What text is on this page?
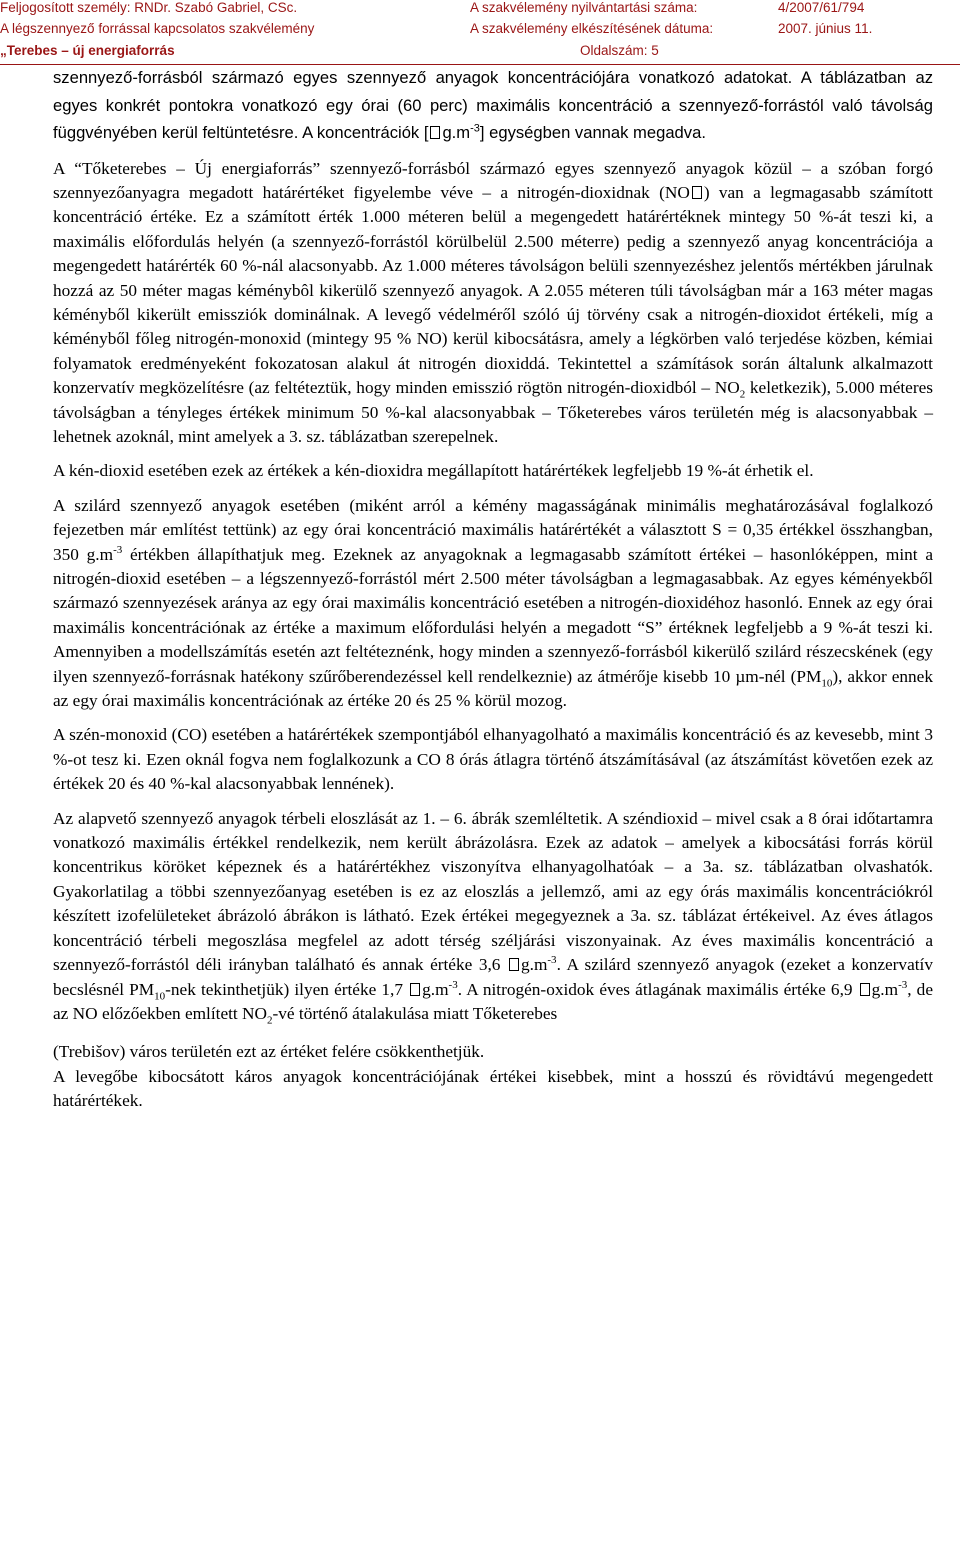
Feljogosított személy: RNDr. Szabó Gabriel, CSc.	A szakvélemény nyilvántartási száma:	4/2007/61/794
A légszennyező forrással kapcsolatos szakvélemény	A szakvélemény elkészítésének dátuma:	2007. június 11.
„Terebes – új energiaforrás	Oldalszám: 5

szennyező-forrásból származó egyes szennyező anyagok koncentrációjára vonatkozó adatokat. A táblázatban az egyes konkrét pontokra vonatkozó egy órai (60 perc) maximális koncentráció a szennyező-forrástól való távolság függvényében kerül feltüntetésre. A koncentrációk [ $g.m^{-3}$] egységben vannak megadva.

A “Tőketerebes – Új energiaforrás” szennyező-forrásból származó egyes szennyező anyagok közül – a szóban forgó szennyezőanyagra megadott határértéket figyelembe véve – a nitrogén-dioxidnak (NO ) van a legmagasabb számított koncentráció értéke. Ez a számított érték 1.000 méteren belül a megengedett határértéknek mintegy 50 %-át teszi ki, a maximális előfordulás helyén (a szennyező-forrástól körülbelül 2.500 méterre) pedig a szennyező anyag koncentrációja a megengedett határérték 60 %-nál alacsonyabb. Az 1.000 méteres távolságon belüli szennyezéshez jelentős mértékben járulnak hozzá az 50 méter magas kéménybôl kikerülő szennyező anyagok. A 2.055 méteren túli távolságban már a 163 méter magas kéményből kikerült emissziók dominálnak. A levegő védelméről szóló új törvény csak a nitrogén-dioxidot értékeli, míg a kéményből főleg nitrogén-monoxid (mintegy 95 % NO) kerül kibocsátásra, amely a légkörben való terjedése közben, kémiai folyamatok eredményeként fokozatosan alakul át nitrogén dioxiddá. Tekintettel a számítások során általunk alkalmazott konzervatív megközelítésre (az feltéteztük, hogy minden emisszió rögtön nitrogén-dioxidból – $NO_2$ keletkezik), 5.000 méteres távolságban a tényleges értékek minimum 50 %-kal alacsonyabbak – Tőketerebes város területén még is alacsonyabbak – lehetnek azoknál, mint amelyek a 3. sz. táblázatban szerepelnek.

A kén-dioxid esetében ezek az értékek a kén-dioxidra megállapított határértékek legfeljebb 19 %-át érhetik el.

A szilárd szennyező anyagok esetében (miként arról a kémény magasságának minimális meghatározásával foglalkozó fejezetben már említést tettünk) az egy órai koncentráció maximális határértékét a választott S = 0,35 értékkel összhangban, 350 $g.m^{-3}$ értékben állapíthatjuk meg. Ezeknek az anyagoknak a legmagasabb számított értékei – hasonlóképpen, mint a nitrogén-dioxid esetében – a légszennyező-forrástól mért 2.500 méter távolságban a legmagasabbak. Az egyes kéményekből származó szennyezések aránya az egy órai maximális koncentráció esetében a nitrogén-dioxidéhoz hasonló. Ennek az egy órai maximális koncentrációnak az értéke a maximum előfordulási helyén a megadott “S” értéknek legfeljebb a 9 %-át teszi ki. Amennyiben a modellszámítás esetén azt feltéteznénk, hogy minden a szennyező-forrásból kikerülő szilárd részecskének (egy ilyen szennyező-forrásnak hatékony szűrőberendezéssel kell rendelkeznie) az átmérője kisebb 10 µm-nél $(PM_{10})$, akkor ennek az egy órai maximális koncentrációnak az értéke 20 és 25 % körül mozog.

A szén-monoxid (CO) esetében a határértékek szempontjából elhanyagolható a maximális koncentráció és az kevesebb, mint 3 %-ot tesz ki. Ezen oknál fogva nem foglalkozunk a CO 8 órás átlagra történő átszámításával (az átszámítást követően ezek az értékek 20 és 40 %-kal alacsonyabbak lennének).

Az alapvető szennyező anyagok térbeli eloszlását az 1. – 6. ábrák szemléltetik. A széndioxid – mivel csak a 8 órai időtartamra vonatkozó maximális értékkel rendelkezik, nem került ábrázolásra. Ezek az adatok – amelyek a kibocsátási forrás körül koncentrikus köröket képeznek és a határértékhez viszonyítva elhanyagolhatóak – a 3a. sz. táblázatban olvashatók. Gyakorlatilag a többi szennyezőanyag esetében is ez az eloszlás a jellemző, ami az egy órás maximális koncentrációkról készített izofelületeket ábrázoló ábrákon is látható. Ezek értékei megegyeznek a 3a. sz. táblázat értékeivel. Az éves átlagos koncentráció térbeli megoszlása megfelel az adott térség széljárási viszonyainak. Az éves maximális koncentráció a szennyező-forrástól déli irányban található és annak értéke 3,6 $g.m^{-3}$. A szilárd szennyező anyagok (ezeket a konzervatív becslésnél $PM_{10}$-nek tekinthetjük) ilyen értéke 1,7 $g.m^{-3}$. A nitrogén-oxidok éves átlagának maximális értéke 6,9 $g.m^{-3}$, de az NO előzőekben említett $NO_2-vé$ történő átalakulása miatt Tőketerebes

(Trebišov) város területén ezt az értéket felére csökkenthetjük.

A levegőbe kibocsátott káros anyagok koncentrációjának értékei kisebbek, mint a hosszú és rövidtávú megengedett határértékek.
